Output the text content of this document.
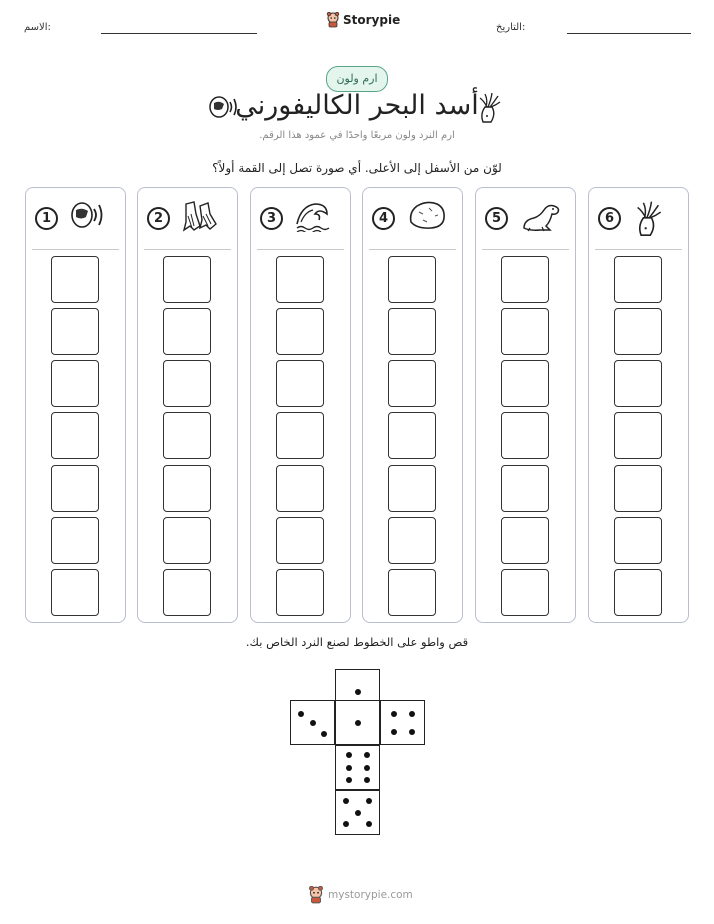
الاسم:
Storypie
التاريخ:
ارم ولون
أسد البحر الكاليفورني
ارم النرد ولون مربعًا واحدًا في عمود هذا الرقم.
لوّن من الأسفل إلى الأعلى. أي صورة تصل إلى القمة أولاً؟
1	2	3	4	5	6
قص واطو على الخطوط لصنع النرد الخاص بك.
mystorypie.com
